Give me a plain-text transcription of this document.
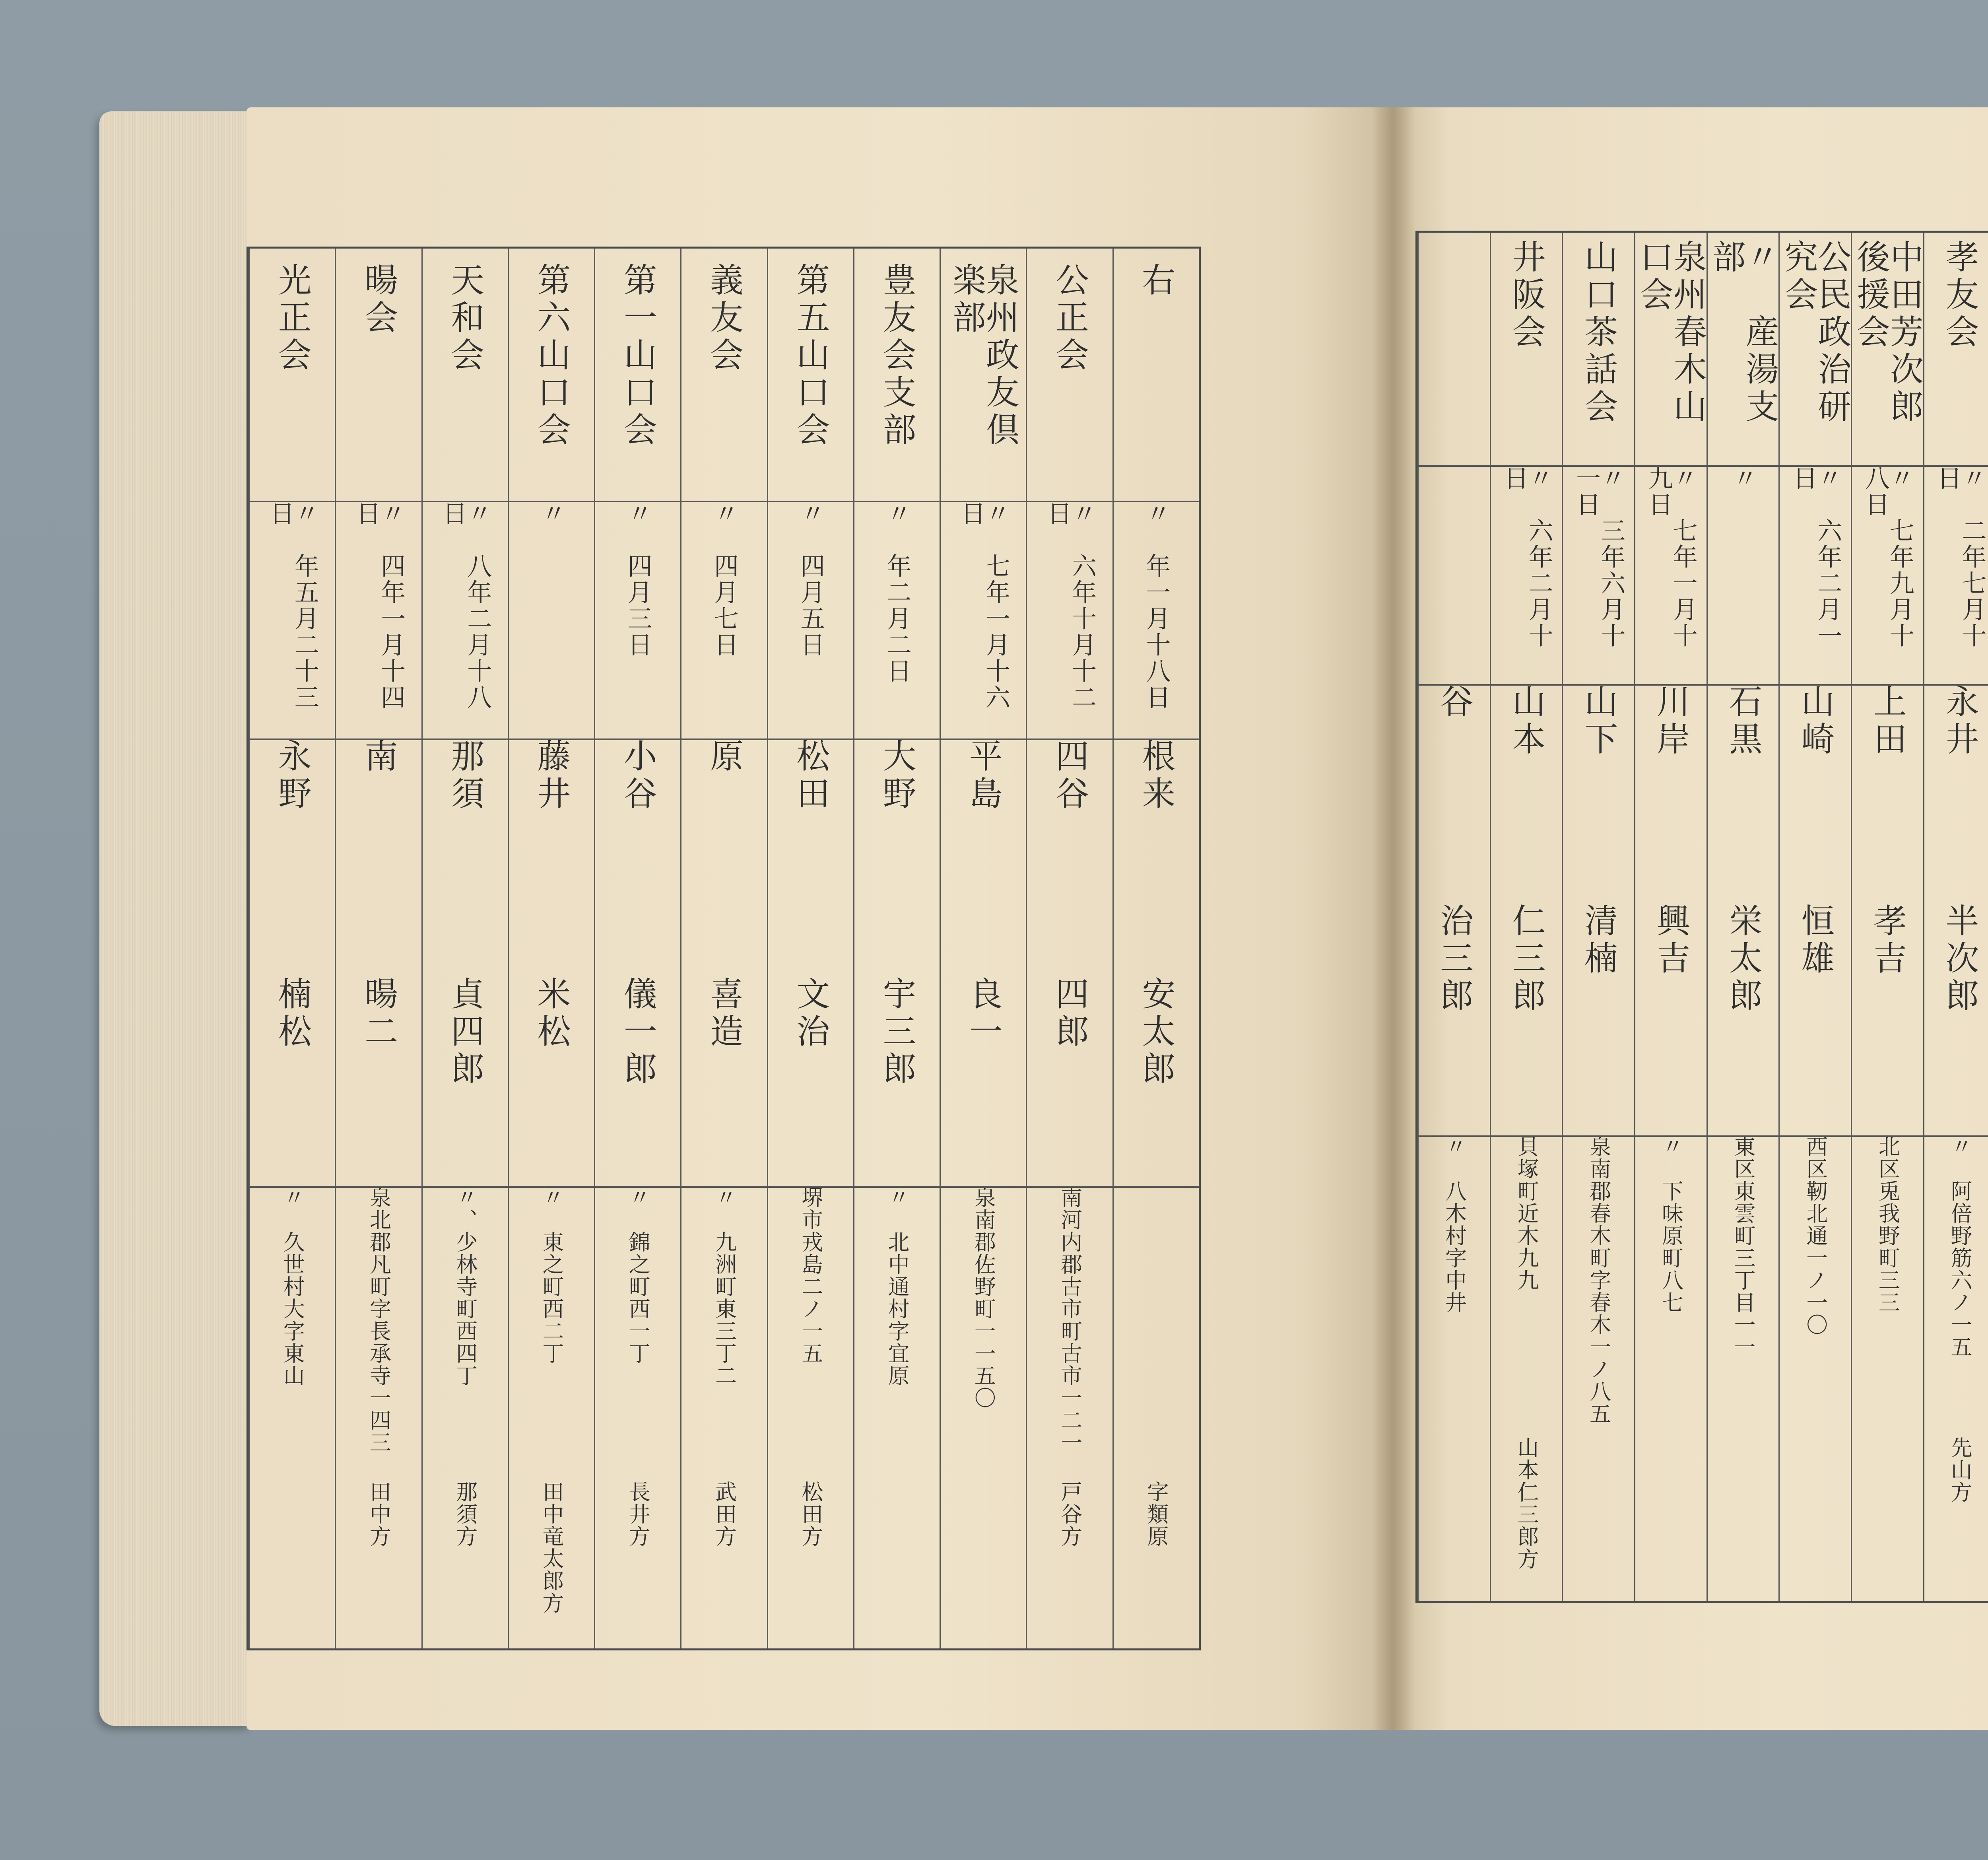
右
〃　年一月十八日
根来
安太郎
字類原
公正会
〃　六年十月十二日
四谷
四郎
南河内郡古市町古市一二一
戸谷方
泉州政友倶楽部
〃　七年一月十六日
平島
良一
泉南郡佐野町一一五〇
豊友会支部
〃　年二月二日
大野
宇三郎
〃　北中通村字宜原
第五山口会
〃　四月五日
松田
文治
堺市戎島二ノ一五
松田方
義友会
〃　四月七日
原
喜造
〃　九洲町東三丁二
武田方
第一山口会
〃　四月三日
小谷
儀一郎
〃　錦之町西一丁
長井方
第六山口会
〃
藤井
米松
〃　東之町西二丁
田中竜太郎方
天和会
〃　八年二月十八日
那須
貞四郎
〃、少林寺町西四丁
那須方
暘会
〃　四年一月十四日
南
暘二
泉北郡凡町字長承寺一四三
田中方
光正会
〃　年五月二十三日
永野
楠松
〃　久世村大字東山
孝友会
〃　二年七月十日
永井
半次郎
〃　阿倍野筋六ノ一五
先山方
中田芳次郎後援会
〃　七年九月十八日
上田
孝吉
北区兎我野町三三
公民政治研究会
〃　六年二月一日
山崎
恒雄
西区靭北通一ノ一〇
〃　産湯支部
〃
石黒
栄太郎
東区東雲町三丁目一一
泉州春木山口会
〃　七年一月十九日
川岸
興吉
〃　下味原町八七
山口茶話会
〃　三年六月十一日
山下
清楠
泉南郡春木町字春木一ノ八五
井阪会
〃　六年二月十日
山本
仁三郎
貝塚町近木九九
山本仁三郎方
谷
治三郎
〃　八木村字中井
